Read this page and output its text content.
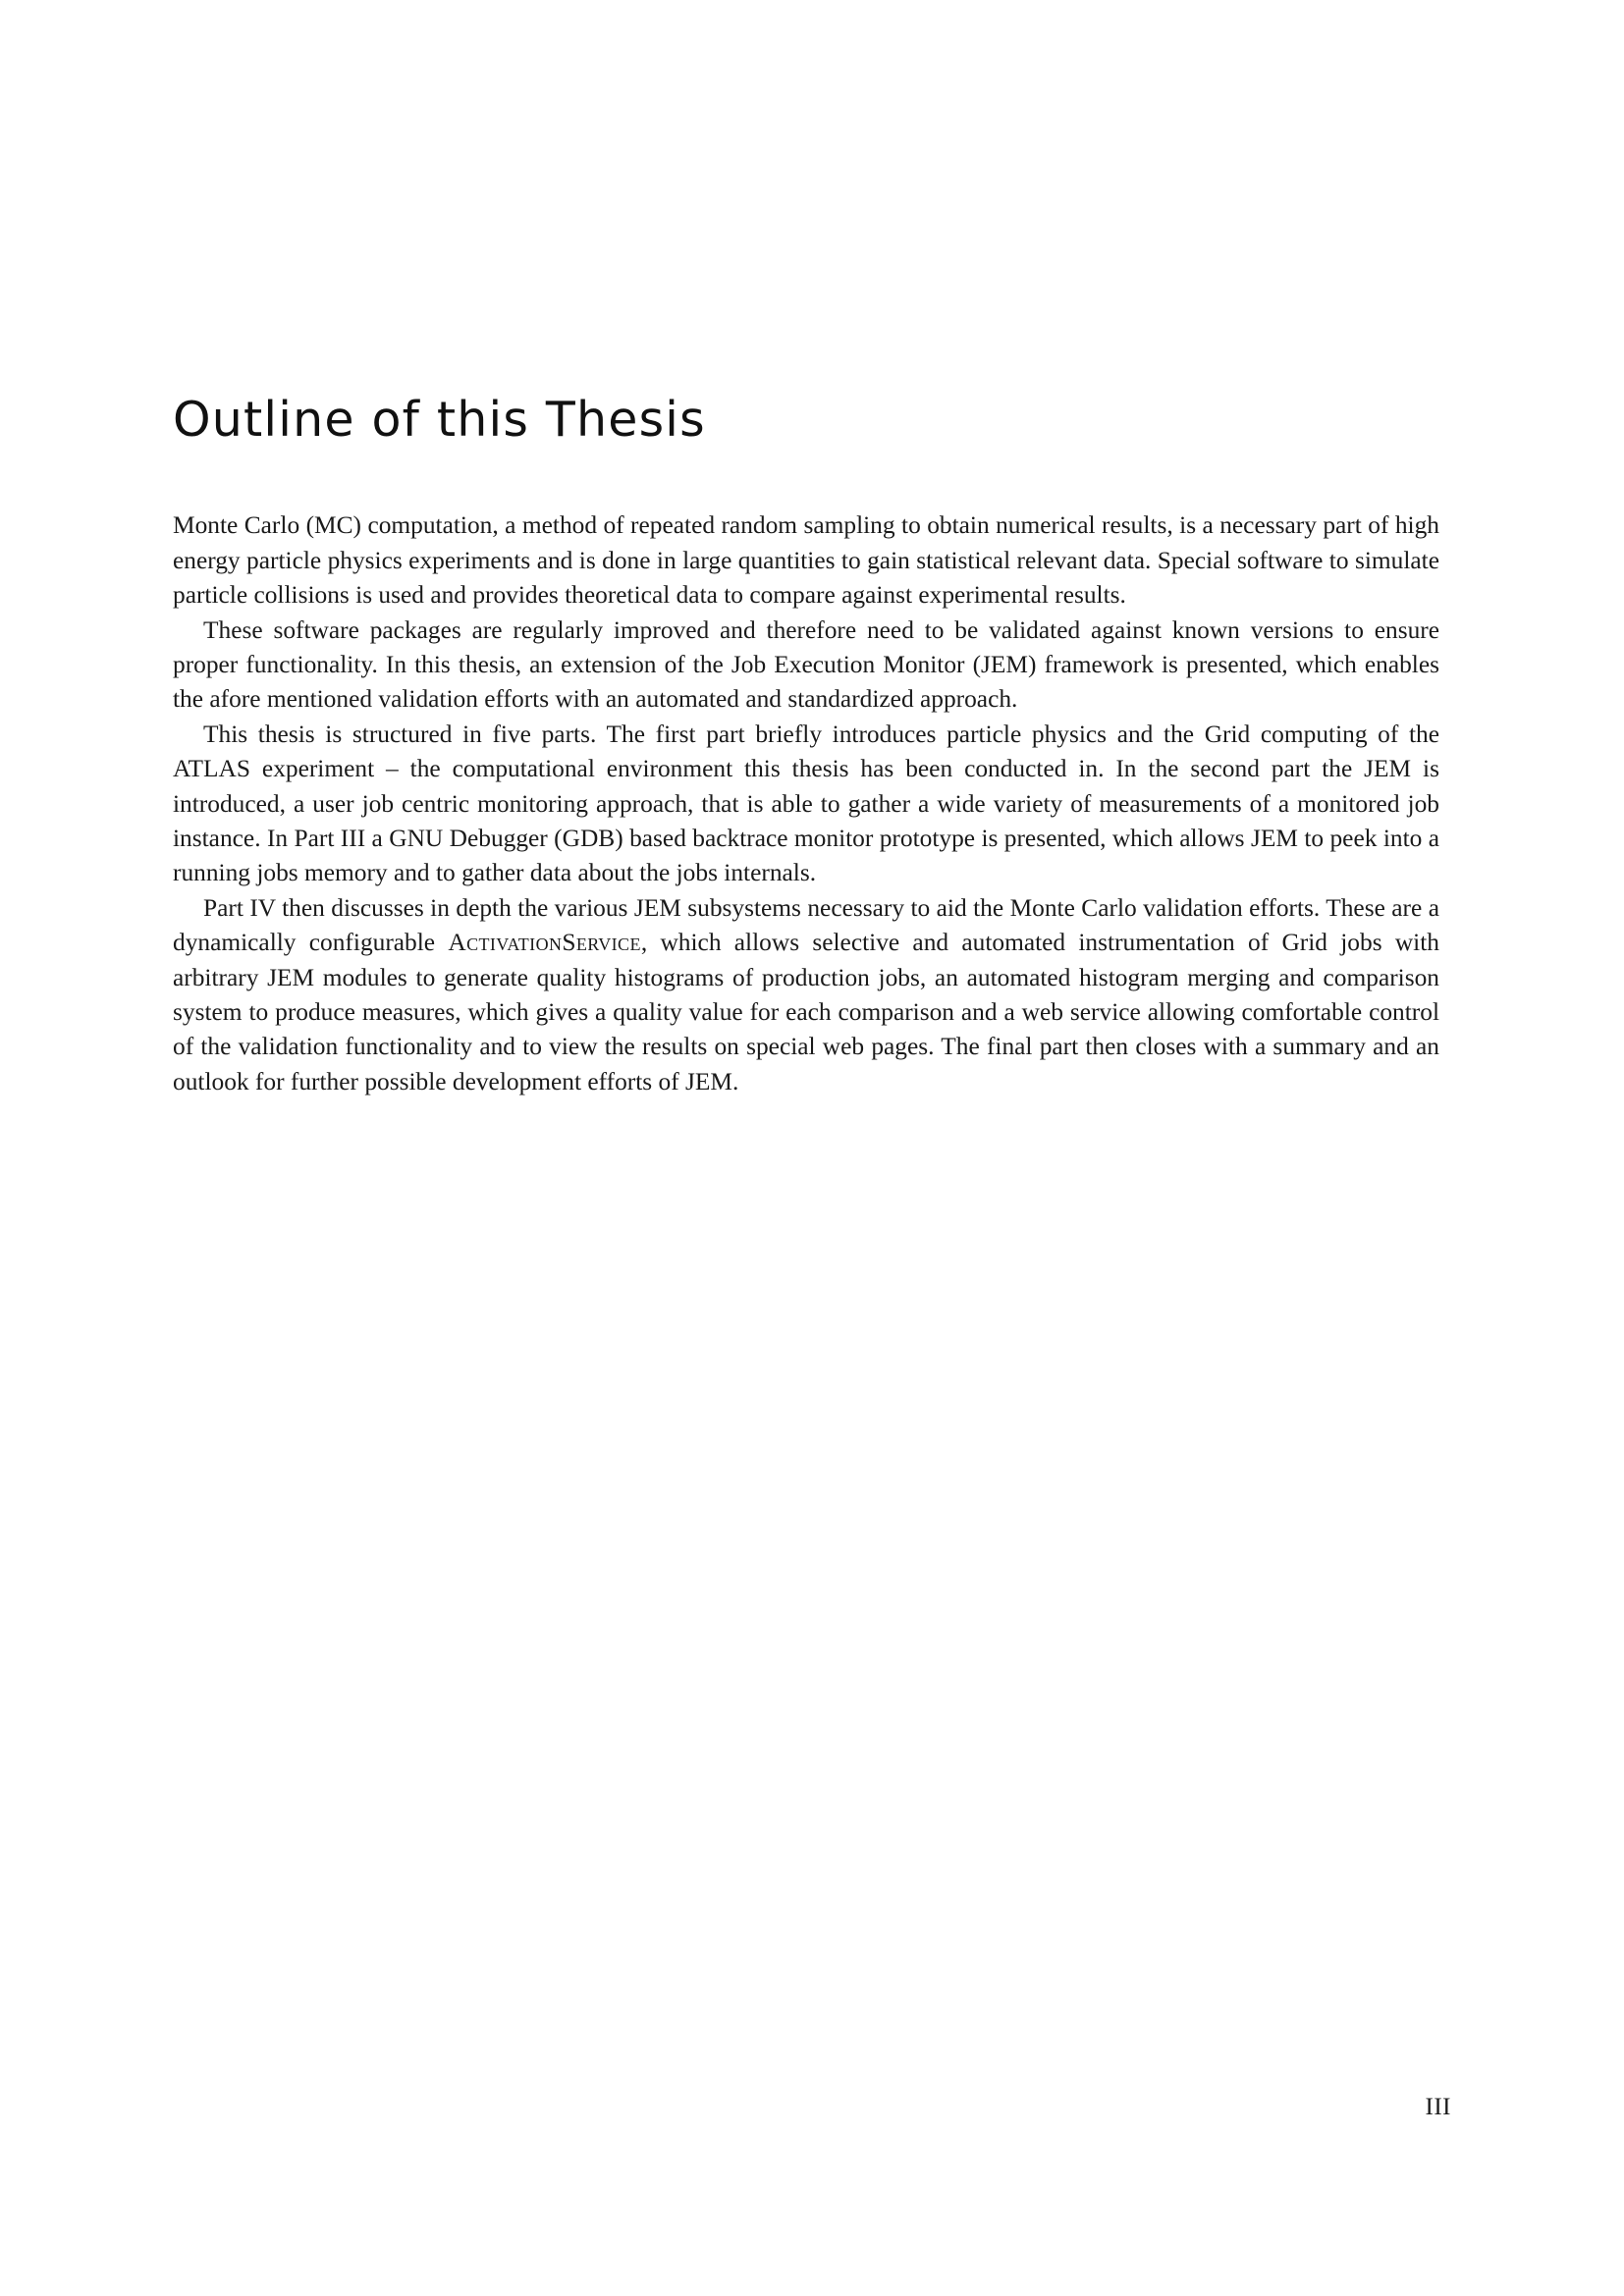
Outline of this Thesis

Monte Carlo (MC) computation, a method of repeated random sampling to obtain numerical results, is a necessary part of high energy particle physics experiments and is done in large quantities to gain statistical relevant data. Special software to simulate particle collisions is used and provides theoretical data to compare against experimental results.

These software packages are regularly improved and therefore need to be validated against known versions to ensure proper functionality. In this thesis, an extension of the Job Execution Monitor (JEM) framework is presented, which enables the afore mentioned validation efforts with an automated and standardized approach.

This thesis is structured in five parts. The first part briefly introduces particle physics and the Grid computing of the ATLAS experiment – the computational environment this thesis has been conducted in. In the second part the JEM is introduced, a user job centric monitoring approach, that is able to gather a wide variety of measurements of a monitored job instance. In Part III a GNU Debugger (GDB) based backtrace monitor prototype is presented, which allows JEM to peek into a running jobs memory and to gather data about the jobs internals.

Part IV then discusses in depth the various JEM subsystems necessary to aid the Monte Carlo validation efforts. These are a dynamically configurable ActivationService, which allows selective and automated instrumentation of Grid jobs with arbitrary JEM modules to generate quality histograms of production jobs, an automated histogram merging and comparison system to produce measures, which gives a quality value for each comparison and a web service allowing comfortable control of the validation functionality and to view the results on special web pages. The final part then closes with a summary and an outlook for further possible development efforts of JEM.

III
